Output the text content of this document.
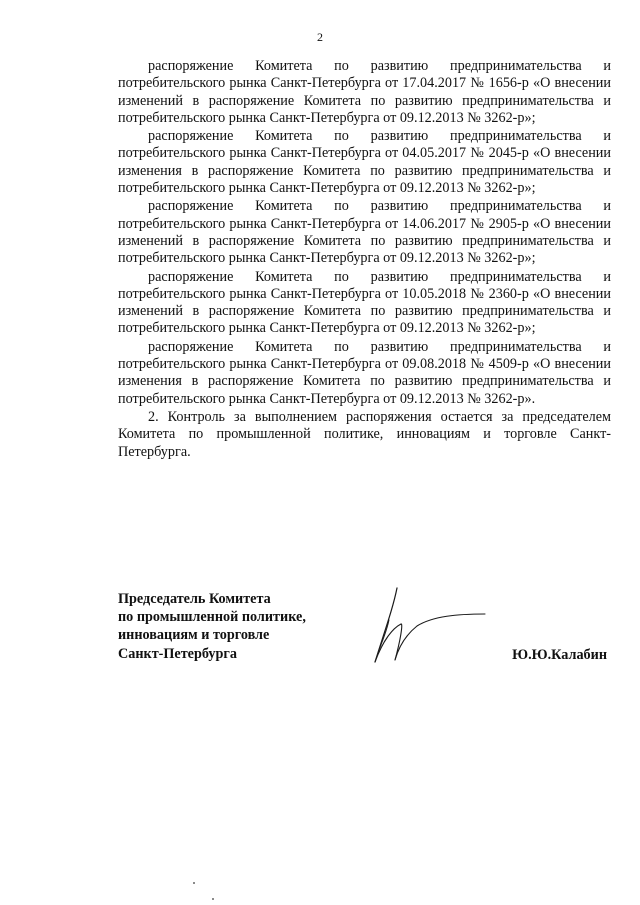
2

распоряжение Комитета по развитию предпринимательства и потребительского рынка Санкт-Петербурга от 17.04.2017 № 1656-р «О внесении изменений в распоряжение Комитета по развитию предпринимательства и потребительского рынка Санкт-Петербурга от 09.12.2013 № 3262-р»;

распоряжение Комитета по развитию предпринимательства и потребительского рынка Санкт-Петербурга от 04.05.2017 № 2045-р «О внесении изменения в распоряжение Комитета по развитию предпринимательства и потребительского рынка Санкт-Петербурга от 09.12.2013 № 3262-р»;

распоряжение Комитета по развитию предпринимательства и потребительского рынка Санкт-Петербурга от 14.06.2017 № 2905-р «О внесении изменений в распоряжение Комитета по развитию предпринимательства и потребительского рынка Санкт-Петербурга от 09.12.2013 № 3262-р»;

распоряжение Комитета по развитию предпринимательства и потребительского рынка Санкт-Петербурга от 10.05.2018 № 2360-р «О внесении изменений в распоряжение Комитета по развитию предпринимательства и потребительского рынка Санкт-Петербурга от 09.12.2013 № 3262-р»;

распоряжение Комитета по развитию предпринимательства и потребительского рынка Санкт-Петербурга от 09.08.2018 № 4509-р «О внесении изменения в распоряжение Комитета по развитию предпринимательства и потребительского рынка Санкт-Петербурга от 09.12.2013 № 3262-р».

2. Контроль за выполнением распоряжения остается за председателем Комитета по промышленной политике, инновациям и торговле Санкт-Петербурга.

Председатель Комитета
по промышленной политике,
инновациям и торговле
Санкт-Петербурга	Ю.Ю.Калабин
